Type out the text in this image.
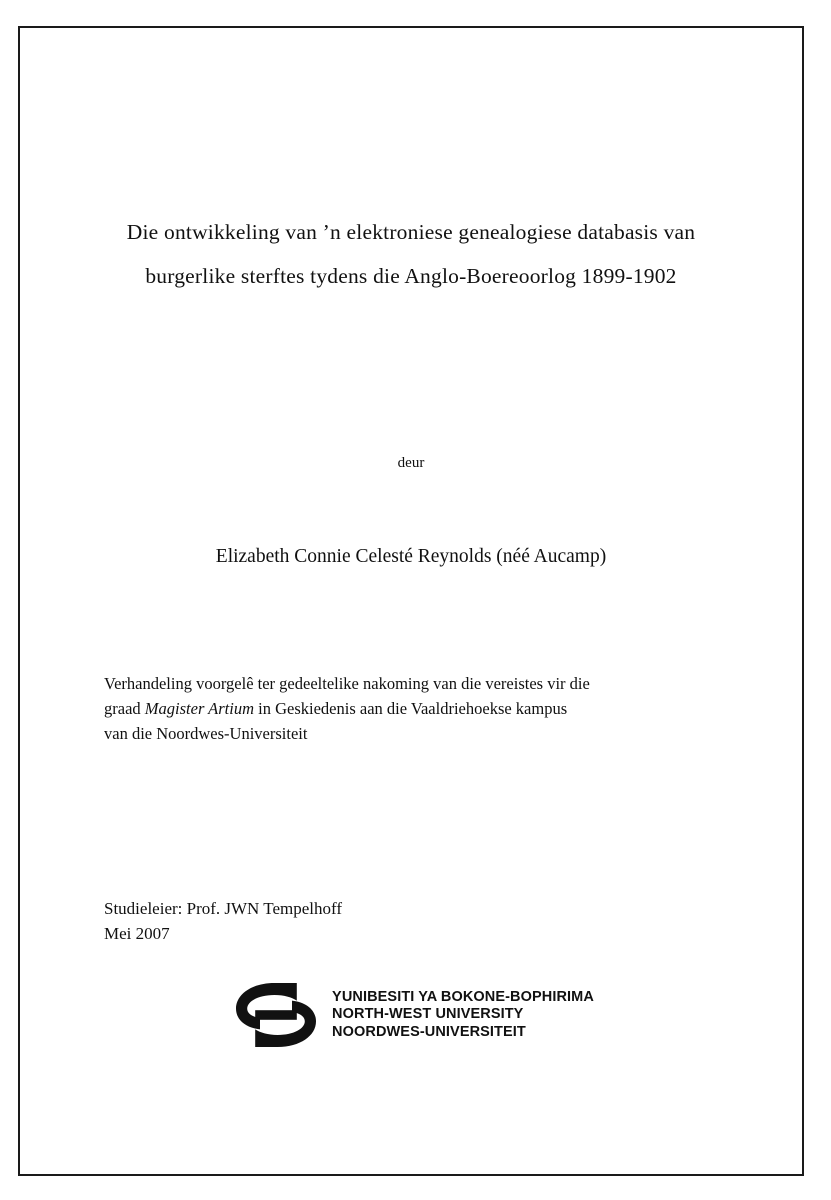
Die ontwikkeling van ’n elektroniese genealogiese databasis van
burgerlike sterftes tydens die Anglo-Boereoorlog 1899-1902
deur
Elizabeth Connie Celesté Reynolds (néé Aucamp)

Verhandeling voorgelê ter gedeeltelike nakoming van die vereistes vir die

graad Magister Artium in Geskiedenis aan die Vaaldriehoekse kampus

van die Noordwes-Universiteit

Studieleier: Prof. JWN Tempelhoff
Mei 2007
YUNIBESITI YA BOKONE-BOPHIRIMA
NORTH-WEST UNIVERSITY
NOORDWES-UNIVERSITEIT
